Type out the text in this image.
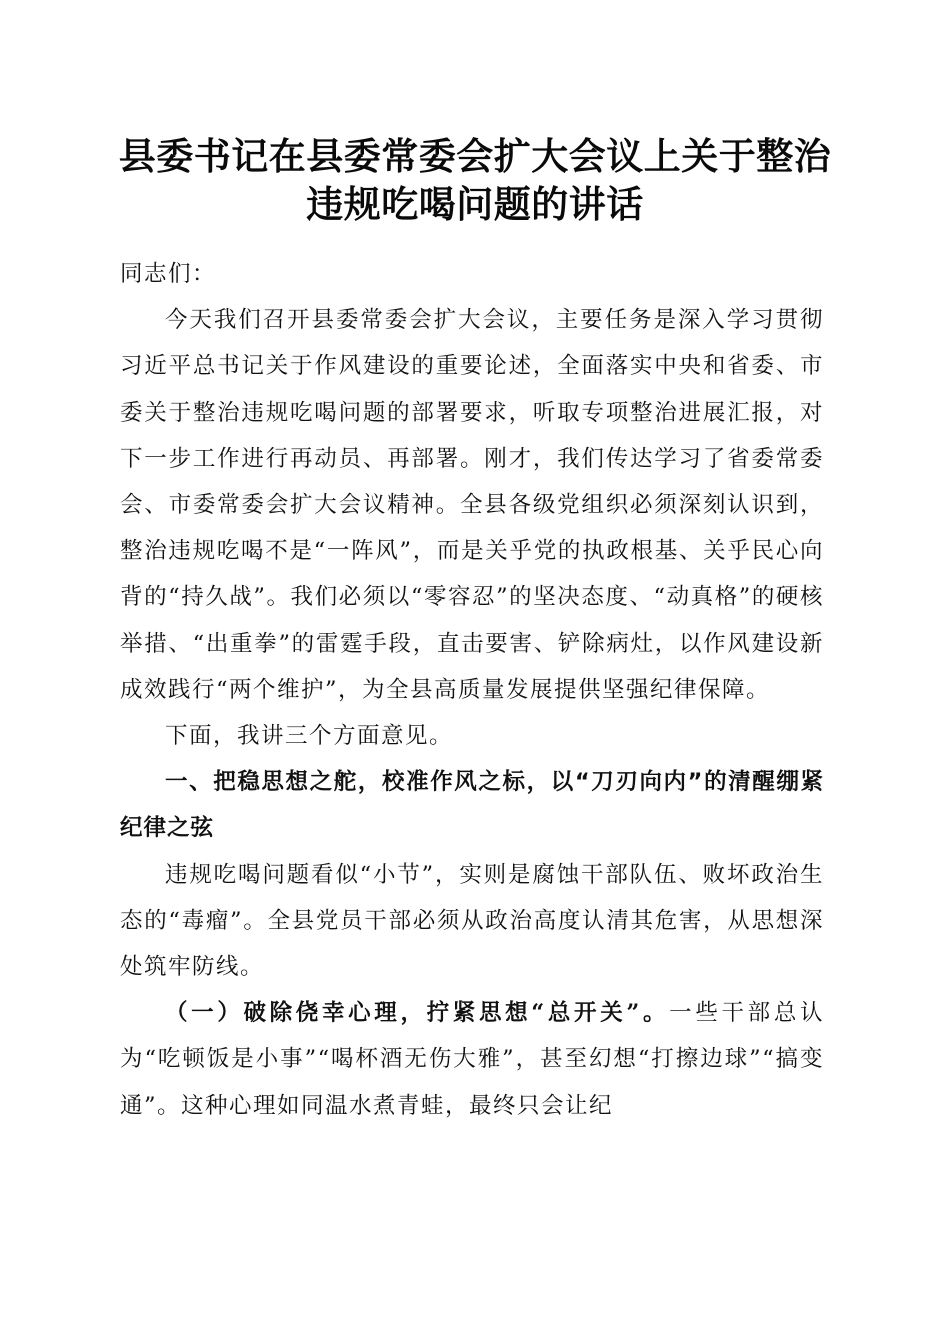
县委书记在县委常委会扩大会议上关于整治违规吃喝问题的讲话

同志们：

今天我们召开县委常委会扩大会议，主要任务是深入学习贯彻习近平总书记关于作风建设的重要论述，全面落实中央和省委、市委关于整治违规吃喝问题的部署要求，听取专项整治进展汇报，对下一步工作进行再动员、再部署。刚才，我们传达学习了省委常委会、市委常委会扩大会议精神。全县各级党组织必须深刻认识到，整治违规吃喝不是“一阵风”，而是关乎党的执政根基、关乎民心向背的“持久战”。我们必须以“零容忍”的坚决态度、“动真格”的硬核举措、“出重拳”的雷霆手段，直击要害、铲除病灶，以作风建设新成效践行“两个维护”，为全县高质量发展提供坚强纪律保障。

下面，我讲三个方面意见。

一、把稳思想之舵，校准作风之标，以“刀刃向内”的清醒绷紧纪律之弦

违规吃喝问题看似“小节”，实则是腐蚀干部队伍、败坏政治生态的“毒瘤”。全县党员干部必须从政治高度认清其危害，从思想深处筑牢防线。

（一）破除侥幸心理，拧紧思想“总开关”。一些干部总认为“吃顿饭是小事”“喝杯酒无伤大雅”，甚至幻想“打擦边球”“搞变通”。这种心理如同温水煮青蛙，最终只会让纪
